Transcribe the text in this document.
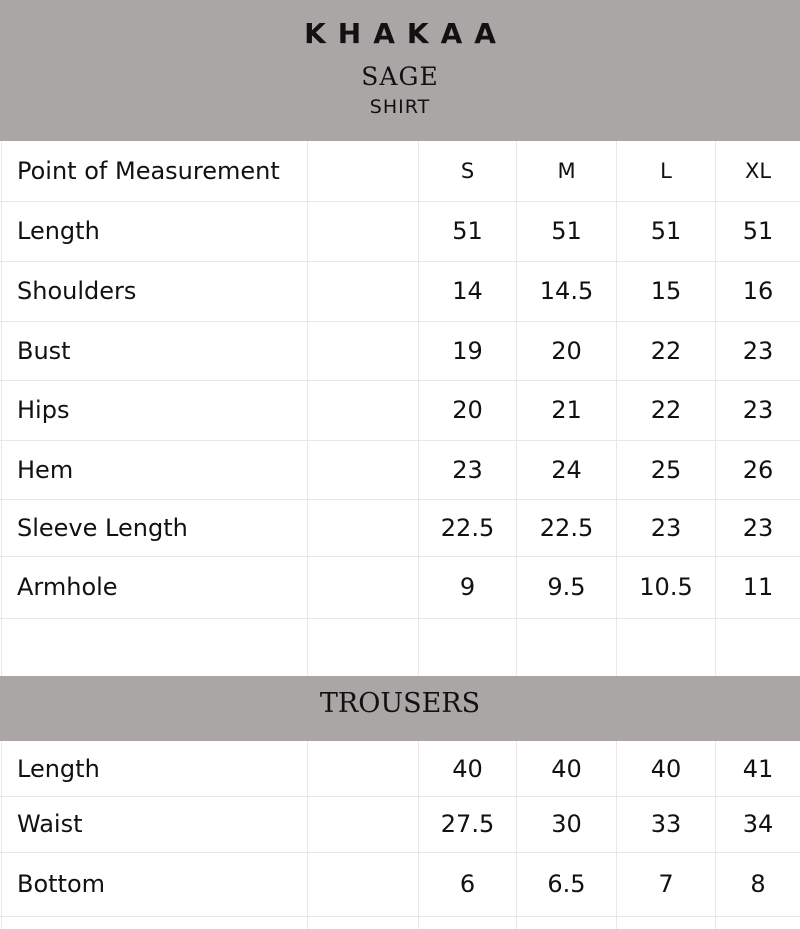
KHAKAA
SAGE
SHIRT
Point of Measurement	S	M	L	XL
Length	51	51	51	51
Shoulders	14	14.5	15	16
Bust	19	20	22	23
Hips	20	21	22	23
Hem	23	24	25	26
Sleeve Length	22.5	22.5	23	23
Armhole	9	9.5	10.5	11
TROUSERS
Length	40	40	40	41
Waist	27.5	30	33	34
Bottom	6	6.5	7	8
